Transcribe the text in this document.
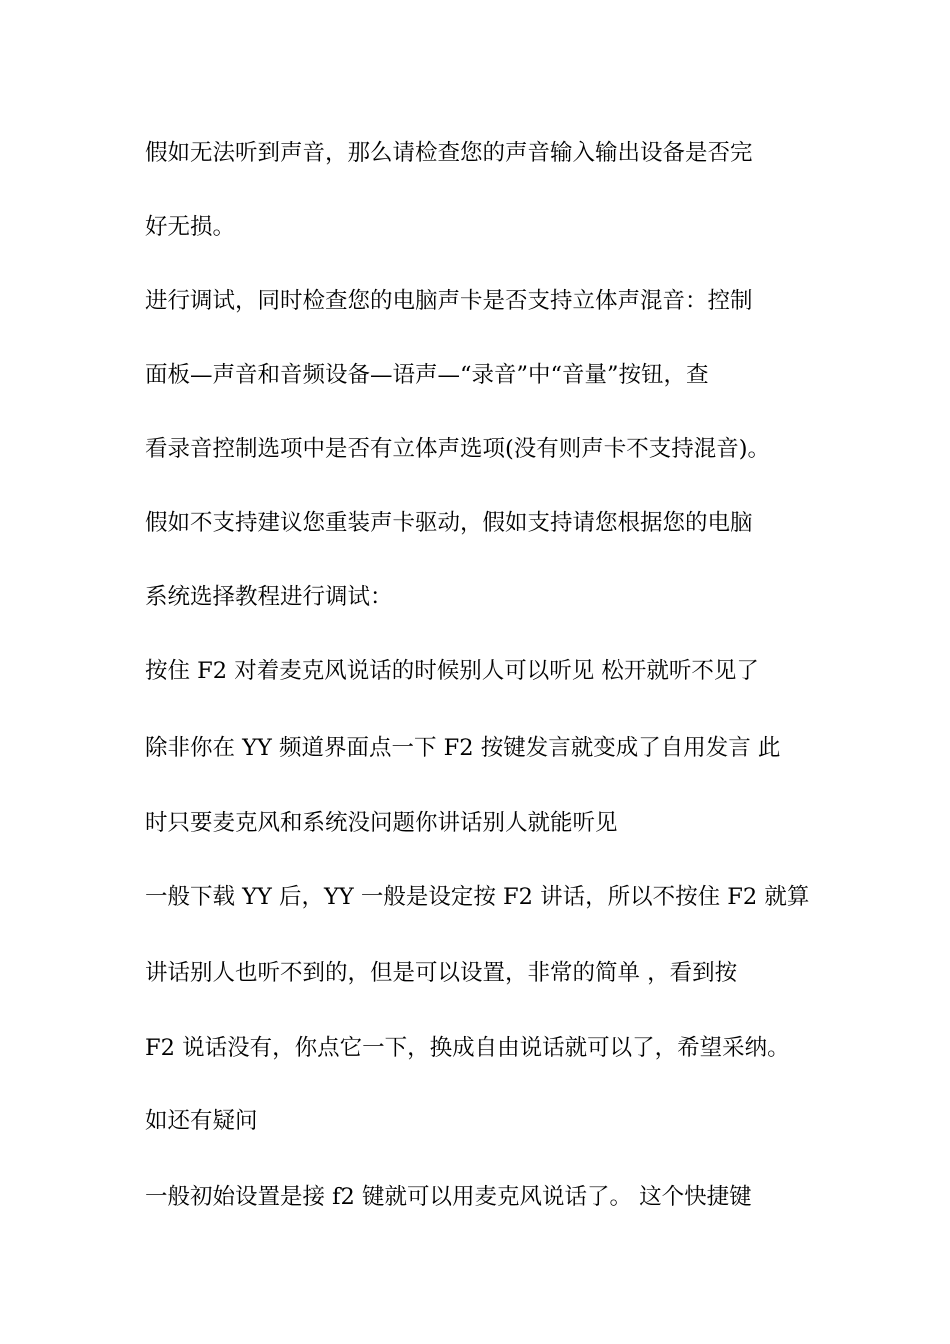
假如无法听到声音，那么请检查您的声音输入输出设备是否完
好无损。
进行调试，同时检查您的电脑声卡是否支持立体声混音：控制
面板—声音和音频设备—语声—“录音”中“音量”按钮，查
看录音控制选项中是否有立体声选项(没有则声卡不支持混音)。
假如不支持建议您重装声卡驱动，假如支持请您根据您的电脑
系统选择教程进行调试：
按住 F2 对着麦克风说话的时候别人可以听见 松开就听不见了
除非你在 YY 频道界面点一下 F2 按键发言就变成了自用发言 此
时只要麦克风和系统没问题你讲话别人就能听见
一般下载 YY 后，YY 一般是设定按 F2 讲话，所以不按住 F2 就算
讲话别人也听不到的，但是可以设置，非常的简单 ，看到按
F2 说话没有，你点它一下，换成自由说话就可以了，希望采纳。
如还有疑问
一般初始设置是接 f2 键就可以用麦克风说话了。 这个快捷键
